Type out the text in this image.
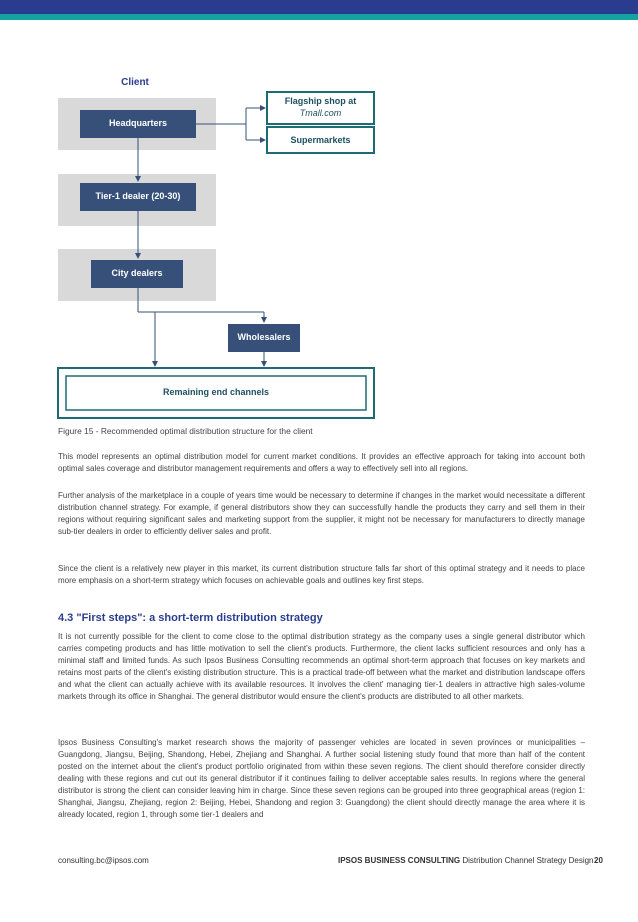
Client
Headquarters
Flagship shop at
Tmall.com
Supermarkets
Tier-1 dealer (20-30)
City dealers
Wholesalers
Remaining end channels
Figure 15 - Recommended optimal distribution structure for the client
This model represents an optimal distribution model for current market conditions. It provides an effective approach for taking into account both optimal sales coverage and distributor management requirements and offers a way to effectively sell into all regions.
Further analysis of the marketplace in a couple of years time would be necessary to determine if changes in the market would necessitate a different distribution channel strategy. For example, if general distributors show they can successfully handle the products they carry and sell them in their regions without requiring significant sales and marketing support from the supplier, it might not be necessary for manufacturers to directly manage sub-tier dealers in order to efficiently deliver sales and profit.
Since the client is a relatively new player in this market, its current distribution structure falls far short of this optimal strategy and it needs to place more emphasis on a short-term strategy which focuses on achievable goals and outlines key first steps.
4.3 "First steps": a short-term distribution strategy
It is not currently possible for the client to come close to the optimal distribution strategy as the company uses a single general distributor which carries competing products and has little motivation to sell the client's products. Furthermore, the client lacks sufficient resources and only has a minimal staff and limited funds. As such Ipsos Business Consulting recommends an optimal short-term approach that focuses on key markets and retains most parts of the client's existing distribution structure. This is a practical trade-off between what the market and distribution landscape offers and what the client can actually achieve with its available resources. It involves the client' managing tier-1 dealers in attractive high sales-volume markets through its office in Shanghai. The general distributor would ensure the client's products are distributed to all other markets.
Ipsos Business Consulting's market research shows the majority of passenger vehicles are located in seven provinces or municipalities – Guangdong, Jiangsu, Beijing, Shandong, Hebei, Zhejiang and Shanghai. A further social listening study found that more than half of the content posted on the internet about the client's product portfolio originated from within these seven regions. The client should therefore consider directly dealing with these regions and cut out its general distributor if it continues failing to deliver acceptable sales results. In regions where the general distributor is strong the client can consider leaving him in charge. Since these seven regions can be grouped into three geographical areas (region 1: Shanghai, Jiangsu, Zhejiang, region 2: Beijing, Hebei, Shandong and region 3: Guangdong) the client should directly manage the area where it is already located, region 1, through some tier-1 dealers and
consulting.bc@ipsos.com	IPSOS BUSINESS CONSULTING Distribution Channel Strategy Design 20
